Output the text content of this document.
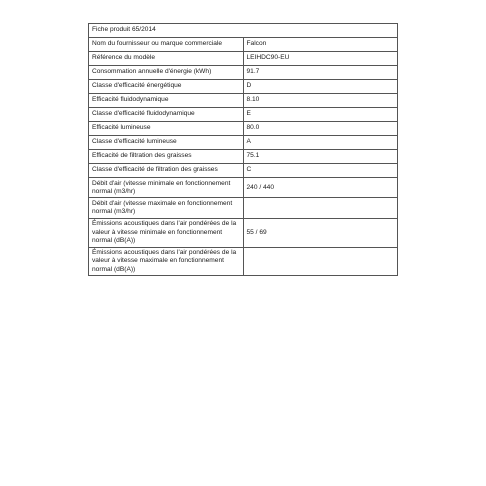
Fiche produit 65/2014	
Nom du fournisseur ou marque commerciale	Falcon
Référence du modèle	LEIHDC90-EU
Consommation annuelle d'énergie (kWh)	91.7
Classe d'efficacité énergétique	D
Efficacité fluidodynamique	8.10
Classe d'efficacité fluidodynamique	E
Efficacité lumineuse	80.0
Classe d'efficacité lumineuse	A
Efficacité de filtration des graisses	75.1
Classe d'efficacité de filtration des graisses	C
Débit d'air (vitesse minimale en fonctionnement normal (m3/hr)	240 / 440
Débit d'air (vitesse maximale en fonctionnement normal (m3/hr)	
Émissions acoustiques dans l'air pondérées de la valeur à vitesse minimale en fonctionnement normal (dB(A))	55 / 69
Émissions acoustiques dans l'air pondérées de la valeur à vitesse maximale en fonctionnement normal (dB(A))	
